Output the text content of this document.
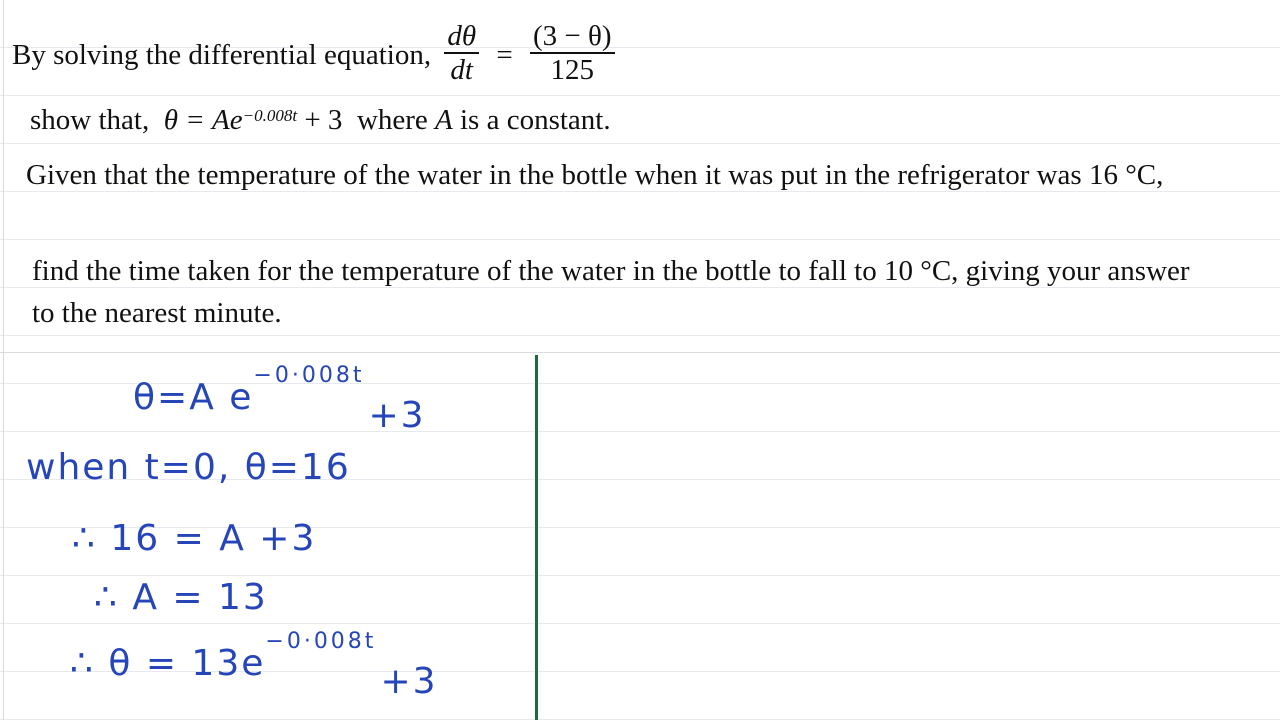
By solving the differential equation, $\frac{d\theta}{dt} = \frac{(3 - \theta)}{125}$
show that, $\theta = Ae^{-0.008t} + 3$ where A is a constant.
Given that the temperature of the water in the bottle when it was put in the refrigerator was 16 °C,
find the time taken for the temperature of the water in the bottle to fall to 10 °C, giving your answer to the nearest minute.
θ=A $e^{-0\cdot 008t}+3$
when t=0, θ=16
∴ 16 = A +3
∴ A = 13
∴ $\theta = 13e^{-0\cdot 008t}+3$
